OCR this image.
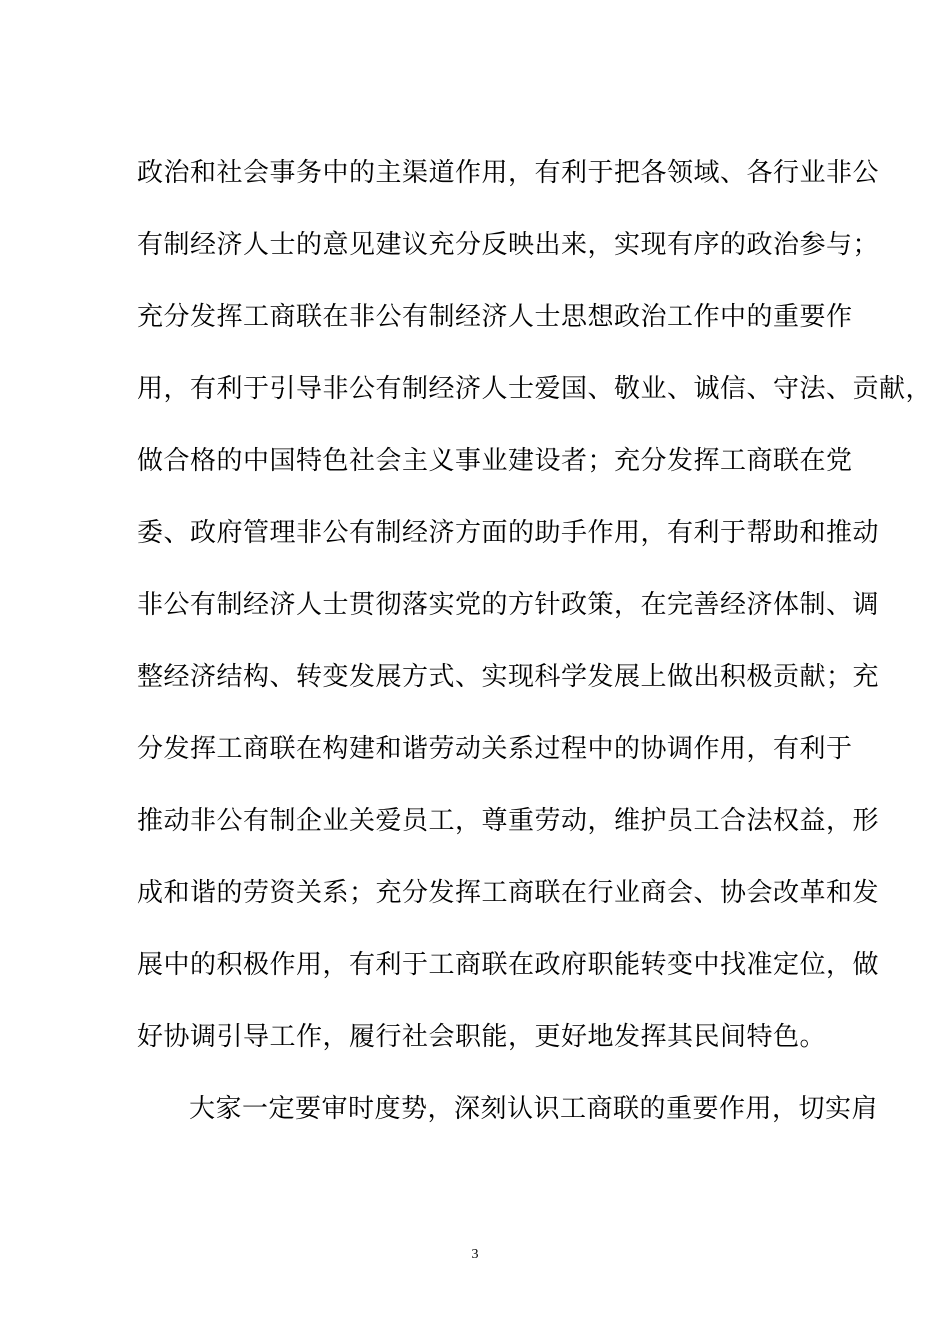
政治和社会事务中的主渠道作用，有利于把各领域、各行业非公
有制经济人士的意见建议充分反映出来，实现有序的政治参与；
充分发挥工商联在非公有制经济人士思想政治工作中的重要作
用，有利于引导非公有制经济人士爱国、敬业、诚信、守法、贡献，
做合格的中国特色社会主义事业建设者；充分发挥工商联在党
委、政府管理非公有制经济方面的助手作用，有利于帮助和推动
非公有制经济人士贯彻落实党的方针政策，在完善经济体制、调
整经济结构、转变发展方式、实现科学发展上做出积极贡献；充
分发挥工商联在构建和谐劳动关系过程中的协调作用，有利于
推动非公有制企业关爱员工，尊重劳动，维护员工合法权益，形
成和谐的劳资关系；充分发挥工商联在行业商会、协会改革和发
展中的积极作用，有利于工商联在政府职能转变中找准定位，做
好协调引导工作，履行社会职能，更好地发挥其民间特色。
大家一定要审时度势，深刻认识工商联的重要作用，切实肩
3
